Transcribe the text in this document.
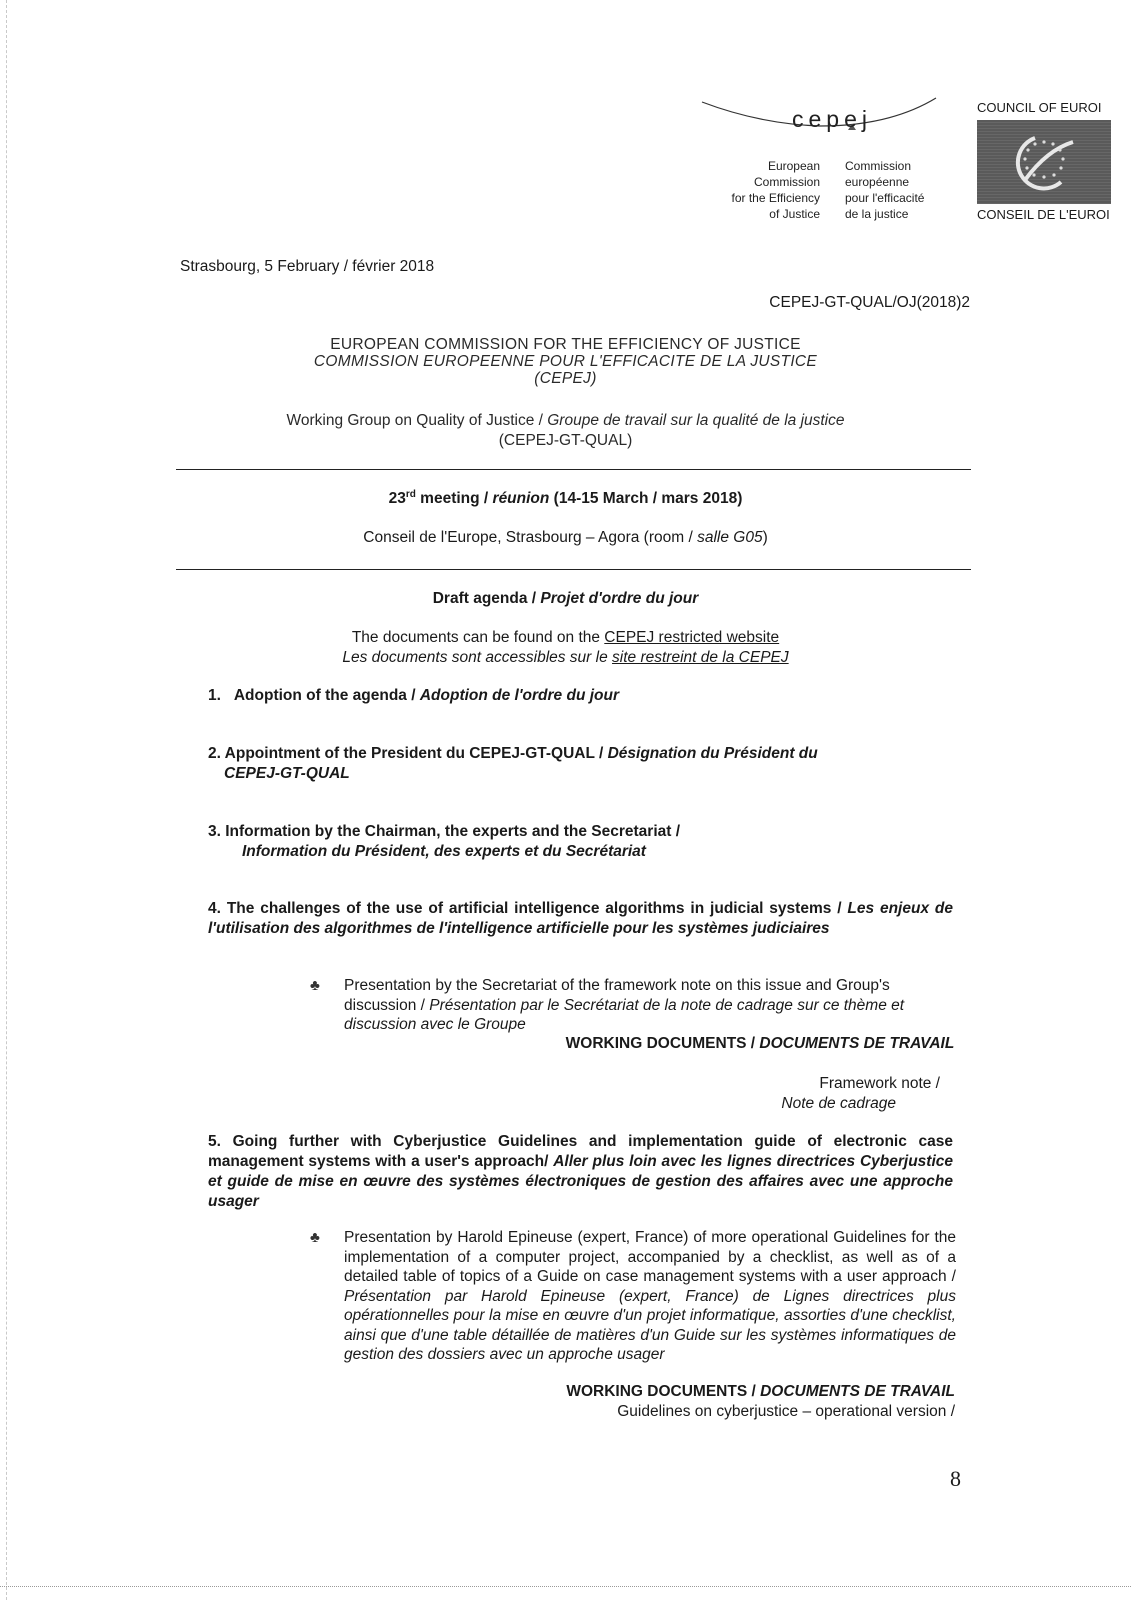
cepej
European
Commission
for the Efficiency
of Justice
Commission
européenne
pour l'efficacité
de la justice
COUNCIL OF EUROI
CONSEIL DE L'EUROI
Strasbourg, 5 February / février 2018
CEPEJ-GT-QUAL/OJ(2018)2
EUROPEAN COMMISSION FOR THE EFFICIENCY OF JUSTICE
COMMISSION EUROPEENNE POUR L'EFFICACITE DE LA JUSTICE
(CEPEJ)
Working Group on Quality of Justice / Groupe de travail sur la qualité de la justice
(CEPEJ-GT-QUAL)
23rd meeting / réunion (14-15 March / mars 2018)
Conseil de l'Europe, Strasbourg – Agora (room / salle G05)
Draft agenda / Projet d'ordre du jour
The documents can be found on the CEPEJ restricted website
Les documents sont accessibles sur le site restreint de la CEPEJ
1. Adoption of the agenda / Adoption de l'ordre du jour
2. Appointment of the President du CEPEJ-GT-QUAL / Désignation du Président du
CEPEJ-GT-QUAL
3. Information by the Chairman, the experts and the Secretariat /
Information du Président, des experts et du Secrétariat
4. The challenges of the use of artificial intelligence algorithms in judicial systems / Les enjeux de l'utilisation des algorithmes de l'intelligence artificielle pour les systèmes judiciaires
♣ Presentation by the Secretariat of the framework note on this issue and Group's discussion / Présentation par le Secrétariat de la note de cadrage sur ce thème et discussion avec le Groupe
WORKING DOCUMENTS / DOCUMENTS DE TRAVAIL
Framework note /
Note de cadrage
5. Going further with Cyberjustice Guidelines and implementation guide of electronic case management systems with a user's approach/ Aller plus loin avec les lignes directrices Cyberjustice et guide de mise en œuvre des systèmes électroniques de gestion des affaires avec une approche usager
♣ Presentation by Harold Epineuse (expert, France) of more operational Guidelines for the implementation of a computer project, accompanied by a checklist, as well as of a detailed table of topics of a Guide on case management systems with a user approach / Présentation par Harold Epineuse (expert, France) de Lignes directrices plus opérationnelles pour la mise en œuvre d'un projet informatique, assorties d'une checklist, ainsi que d'une table détaillée de matières d'un Guide sur les systèmes informatiques de gestion des dossiers avec un approche usager
WORKING DOCUMENTS / DOCUMENTS DE TRAVAIL
Guidelines on cyberjustice – operational version /
8
